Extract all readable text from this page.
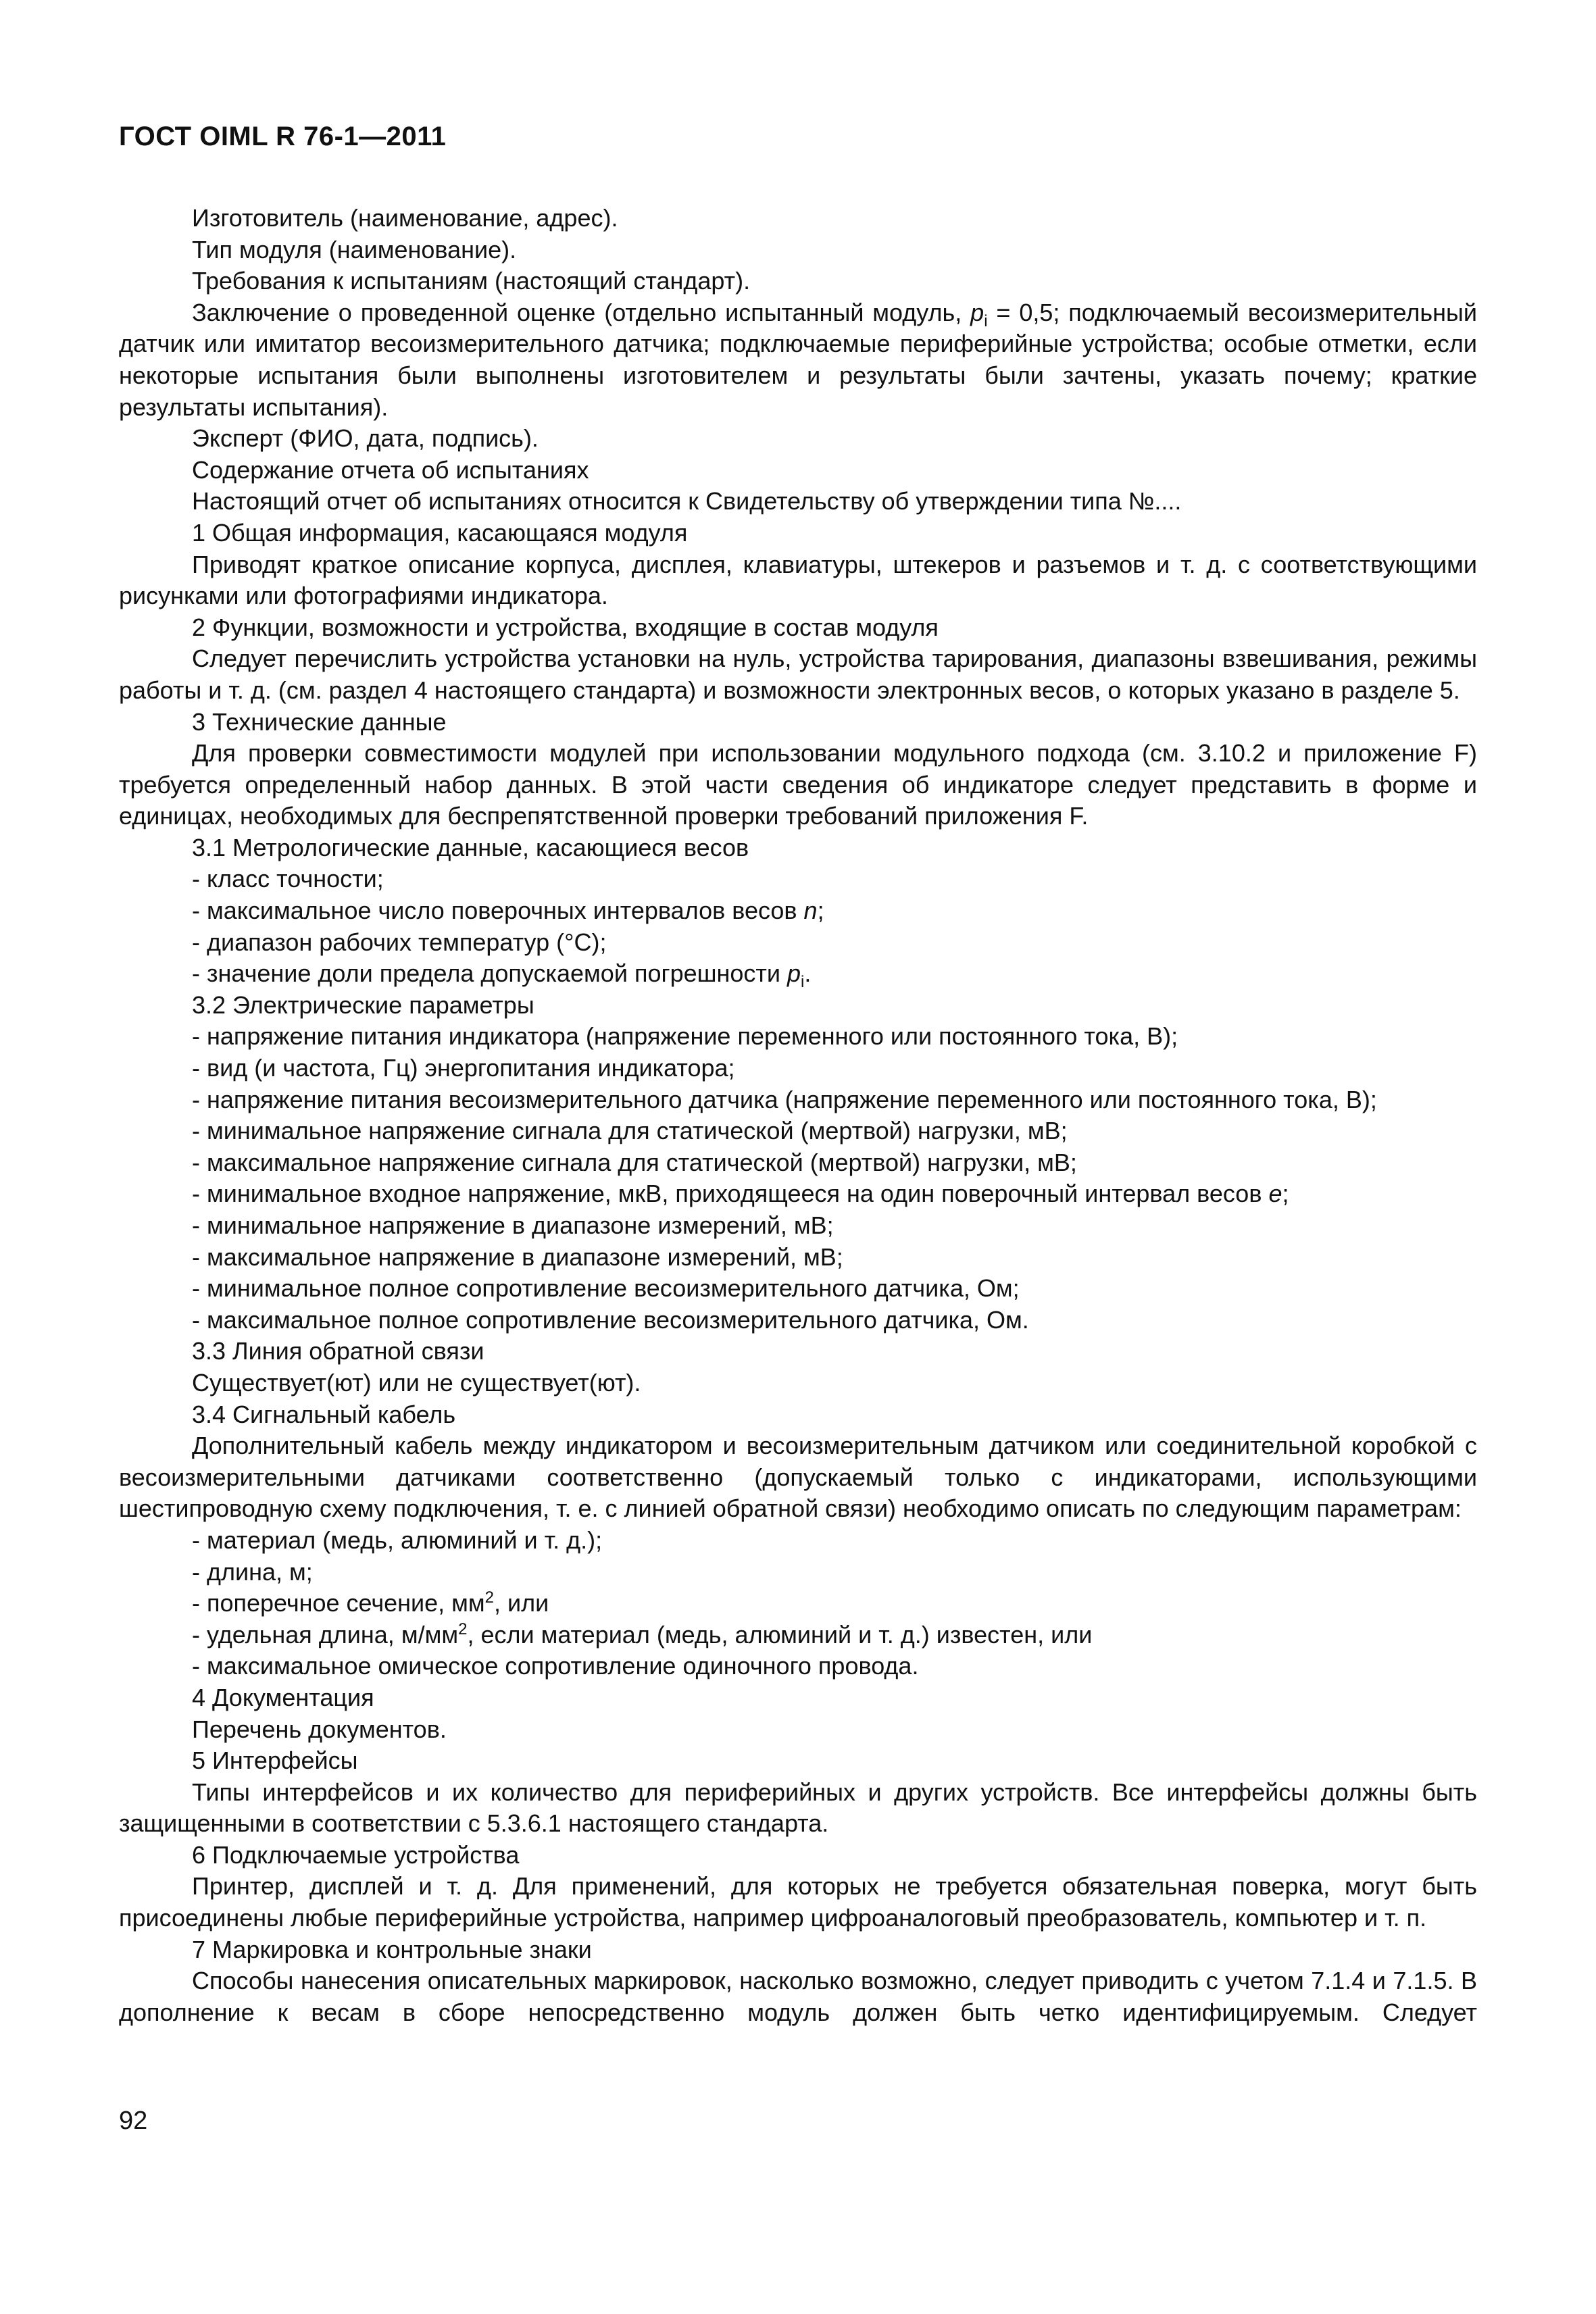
ГОСТ OIML R 76-1—2011

Изготовитель (наименование, адрес).

Тип модуля (наименование).

Требования к испытаниям (настоящий стандарт).

Заключение о проведенной оценке (отдельно испытанный модуль, $p_i = 0,5$; подключаемый весоизмерительный датчик или имитатор весоизмерительного датчика; подключаемые периферийные устройства; особые отметки, если некоторые испытания были выполнены изготовителем и результаты были зачтены, указать почему; краткие результаты испытания).

Эксперт (ФИО, дата, подпись).

Содержание отчета об испытаниях

Настоящий отчет об испытаниях относится к Свидетельству об утверждении типа №....

1 Общая информация, касающаяся модуля

Приводят краткое описание корпуса, дисплея, клавиатуры, штекеров и разъемов и т. д. с соответствующими рисунками или фотографиями индикатора.

2 Функции, возможности и устройства, входящие в состав модуля

Следует перечислить устройства установки на нуль, устройства тарирования, диапазоны взвешивания, режимы работы и т. д. (см. раздел 4 настоящего стандарта) и возможности электронных весов, о которых указано в разделе 5.

3 Технические данные

Для проверки совместимости модулей при использовании модульного подхода (см. 3.10.2 и приложение F) требуется определенный набор данных. В этой части сведения об индикаторе следует представить в форме и единицах, необходимых для беспрепятственной проверки требований приложения F.

3.1 Метрологические данные, касающиеся весов

- класс точности;

- максимальное число поверочных интервалов весов n;

- диапазон рабочих температур (°С);

- значение доли предела допускаемой погрешности $p_i$.

3.2 Электрические параметры

- напряжение питания индикатора (напряжение переменного или постоянного тока, В);

- вид (и частота, Гц) энергопитания индикатора;

- напряжение питания весоизмерительного датчика (напряжение переменного или постоянного тока, В);

- минимальное напряжение сигнала для статической (мертвой) нагрузки, мВ;

- максимальное напряжение сигнала для статической (мертвой) нагрузки, мВ;

- минимальное входное напряжение, мкВ, приходящееся на один поверочный интервал весов e;

- минимальное напряжение в диапазоне измерений, мВ;

- максимальное напряжение в диапазоне измерений, мВ;

- минимальное полное сопротивление весоизмерительного датчика, Ом;

- максимальное полное сопротивление весоизмерительного датчика, Ом.

3.3 Линия обратной связи

Существует(ют) или не существует(ют).

3.4 Сигнальный кабель

Дополнительный кабель между индикатором и весоизмерительным датчиком или соединительной коробкой с весоизмерительными датчиками соответственно (допускаемый только с индикаторами, использующими шестипроводную схему подключения, т. е. с линией обратной связи) необходимо описать по следующим параметрам:

- материал (медь, алюминий и т. д.);

- длина, м;

- поперечное сечение, $мм^2$, или

- удельная длина, $м/мм^2$, если материал (медь, алюминий и т. д.) известен, или

- максимальное омическое сопротивление одиночного провода.

4 Документация

Перечень документов.

5 Интерфейсы

Типы интерфейсов и их количество для периферийных и других устройств. Все интерфейсы должны быть защищенными в соответствии с 5.3.6.1 настоящего стандарта.

6 Подключаемые устройства

Принтер, дисплей и т. д. Для применений, для которых не требуется обязательная поверка, могут быть присоединены любые периферийные устройства, например цифроаналоговый преобразователь, компьютер и т. п.

7 Маркировка и контрольные знаки

Способы нанесения описательных маркировок, насколько возможно, следует приводить с учетом 7.1.4 и 7.1.5. В дополнение к весам в сборе непосредственно модуль должен быть четко идентифицируемым. Следует

92
